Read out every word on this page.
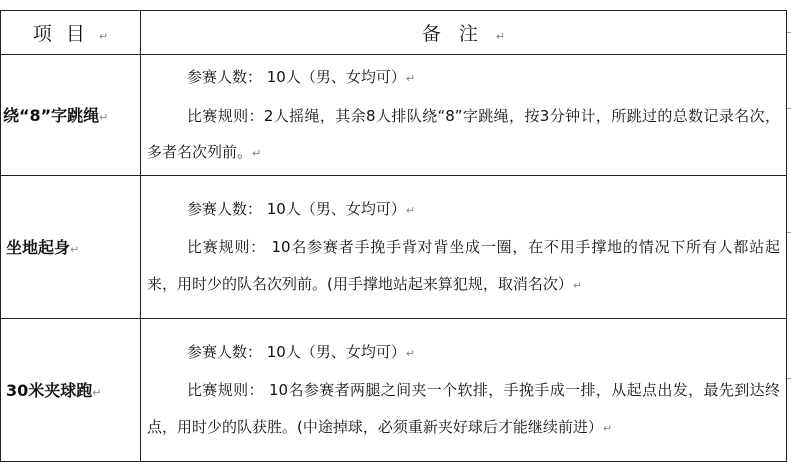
项目↵	备注↵
绕“8”字跳绳↵	参赛人数： 10人（男、女均可）↵

比赛规则：2人摇绳，其余8人排队绕“8”字跳绳，按3分钟计，所跳过的总数记录名次，多者名次列前。↵

坐地起身↵	参赛人数： 10人（男、女均可）↵

比赛规则： 10名参赛者手挽手背对背坐成一圈，在不用手撑地的情况下所有人都站起来，用时少的队名次列前。(用手撑地站起来算犯规，取消名次）↵

30米夹球跑↵	参赛人数： 10人（男、女均可）↵

比赛规则： 10名参赛者两腿之间夹一个软排，手挽手成一排，从起点出发，最先到达终点，用时少的队获胜。(中途掉球，必须重新夹好球后才能继续前进）↵
